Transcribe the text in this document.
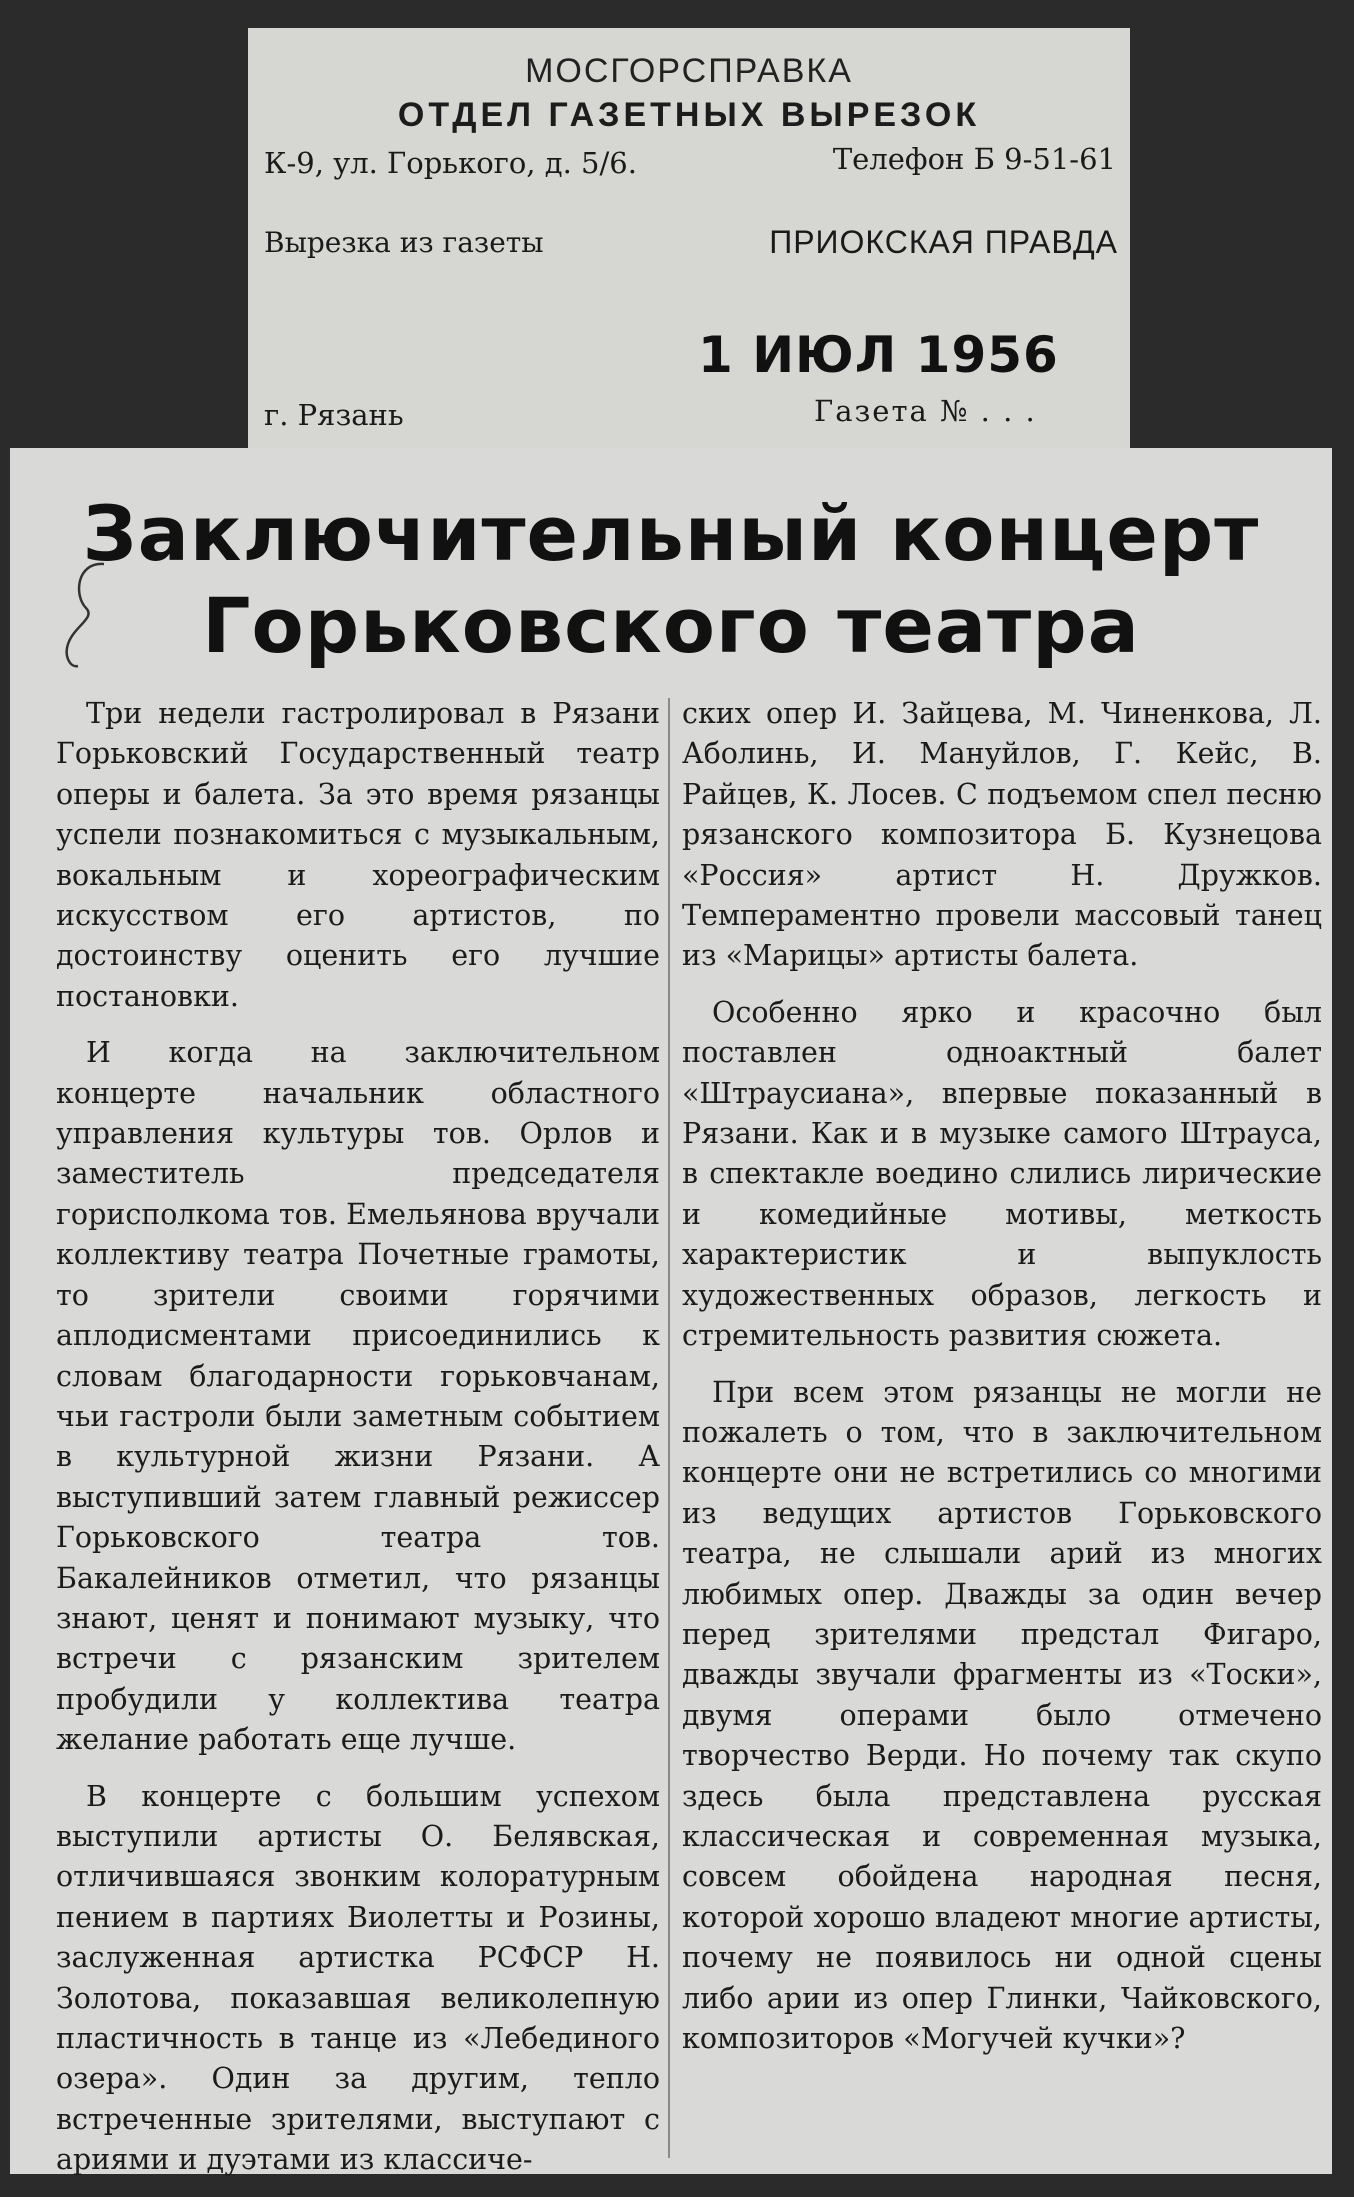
МОСГОРСПРАВКА
ОТДЕЛ ГАЗЕТНЫХ ВЫРЕЗОК
К-9, ул. Горького, д. 5/6.	Телефон Б 9-51-61
Вырезка из газеты	ПРИОКСКАЯ ПРАВДА
1 ИЮЛ 1956
г. Рязань	Газета № . . .
Заключительный концерт
Горьковского театра

Три недели гастролировал в Рязани Горьковский Государственный театр оперы и балета. За это время рязанцы успели познакомиться с музыкальным, вокальным и хореографическим искусством его артистов, по достоинству оценить его лучшие постановки.

И когда на заключительном концерте начальник областного управления культуры тов. Орлов и заместитель председателя горисполкома тов. Емельянова вручали коллективу театра Почетные грамоты, то зрители своими горячими аплодисментами присоединились к словам благодарности горьковчанам, чьи гастроли были заметным событием в культурной жизни Рязани. А выступивший затем главный режиссер Горьковского театра тов. Бакалейников отметил, что рязанцы знают, ценят и понимают музыку, что встречи с рязанским зрителем пробудили у коллектива театра желание работать еще лучше.

В концерте с большим успехом выступили артисты О. Белявская, отличившаяся звонким колоратурным пением в партиях Виолетты и Розины, заслуженная артистка РСФСР Н. Золотова, показавшая великолепную пластичность в танце из «Лебединого озера». Один за другим, тепло встреченные зрителями, выступают с ариями и дуэтами из классиче-

ских опер И. Зайцева, М. Чиненкова, Л. Аболинь, И. Мануйлов, Г. Кейс, В. Райцев, К. Лосев. С подъемом спел песню рязанского композитора Б. Кузнецова «Россия» артист Н. Дружков. Темпераментно провели массовый танец из «Марицы» артисты балета.

Особенно ярко и красочно был поставлен одноактный балет «Штраусиана», впервые показанный в Рязани. Как и в музыке самого Штрауса, в спектакле воедино слились лирические и комедийные мотивы, меткость характеристик и выпуклость художественных образов, легкость и стремительность развития сюжета.

При всем этом рязанцы не могли не пожалеть о том, что в заключительном концерте они не встретились со многими из ведущих артистов Горьковского театра, не слышали арий из многих любимых опер. Дважды за один вечер перед зрителями предстал Фигаро, дважды звучали фрагменты из «Тоски», двумя операми было отмечено творчество Верди. Но почему так скупо здесь была представлена русская классическая и современная музыка, совсем обойдена народная песня, которой хорошо владеют многие артисты, почему не появилось ни одной сцены либо арии из опер Глинки, Чайковского, композиторов «Могучей кучки»?
